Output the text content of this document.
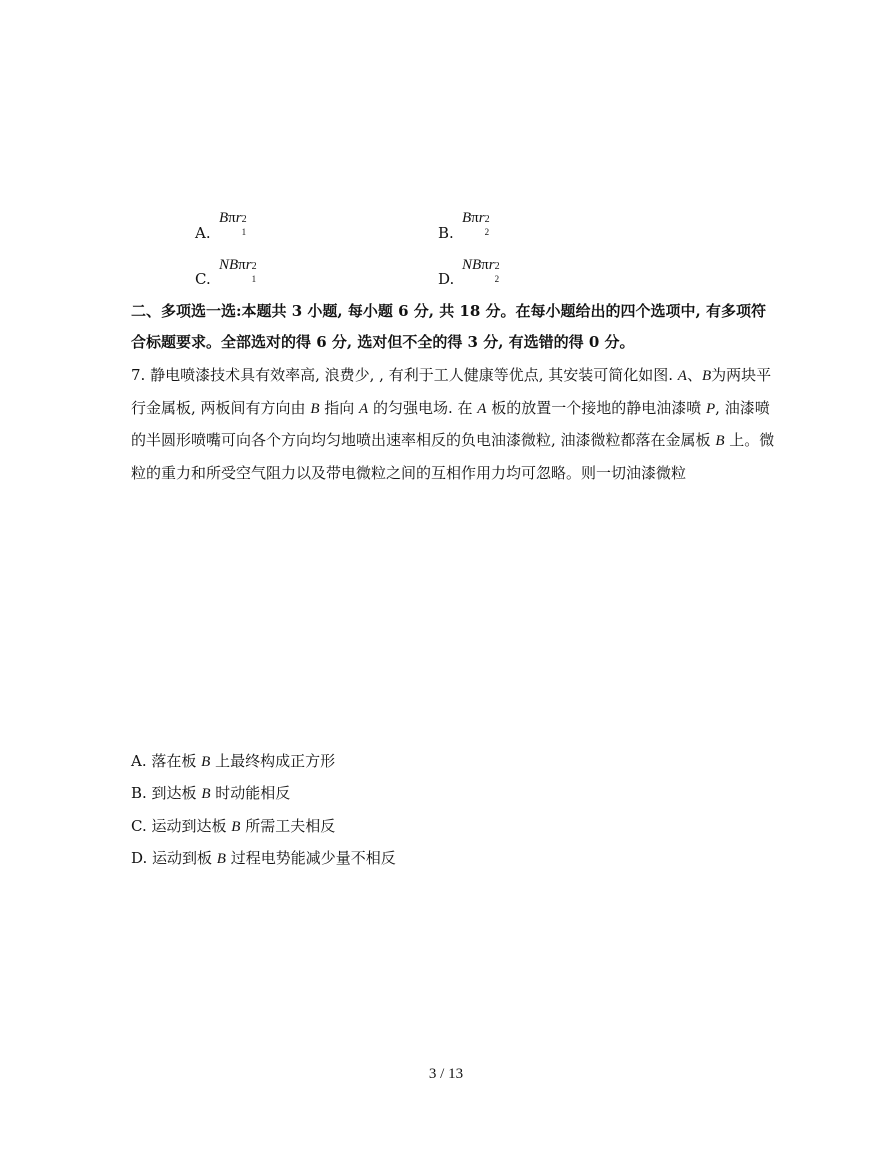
A.
Bπr 2
1	B.
Bπr 2
2
C.
NBπr 2
1	D.
NBπr 2
2
二、多项选一选:本题共 3 小题, 每小题 6 分, 共 18 分。在每小题给出的四个选项中, 有多项符合标题要求。全部选对的得 6 分, 选对但不全的得 3 分, 有选错的得 0 分。
7. 静电喷漆技术具有效率高, 浪费少, , 有利于工人健康等优点, 其安装可简化如图. A、B为两块平行金属板, 两板间有方向由 B 指向 A 的匀强电场. 在 A 板的放置一个接地的静电油漆喷 P, 油漆喷的半圆形喷嘴可向各个方向均匀地喷出速率相反的负电油漆微粒, 油漆微粒都落在金属板 B 上。微粒的重力和所受空气阻力以及带电微粒之间的互相作用力均可忽略。则一切油漆微粒
A. 落在板 B 上最终构成正方形
B. 到达板 B 时动能相反
C. 运动到达板 B 所需工夫相反
D. 运动到板 B 过程电势能减少量不相反
3 / 13
